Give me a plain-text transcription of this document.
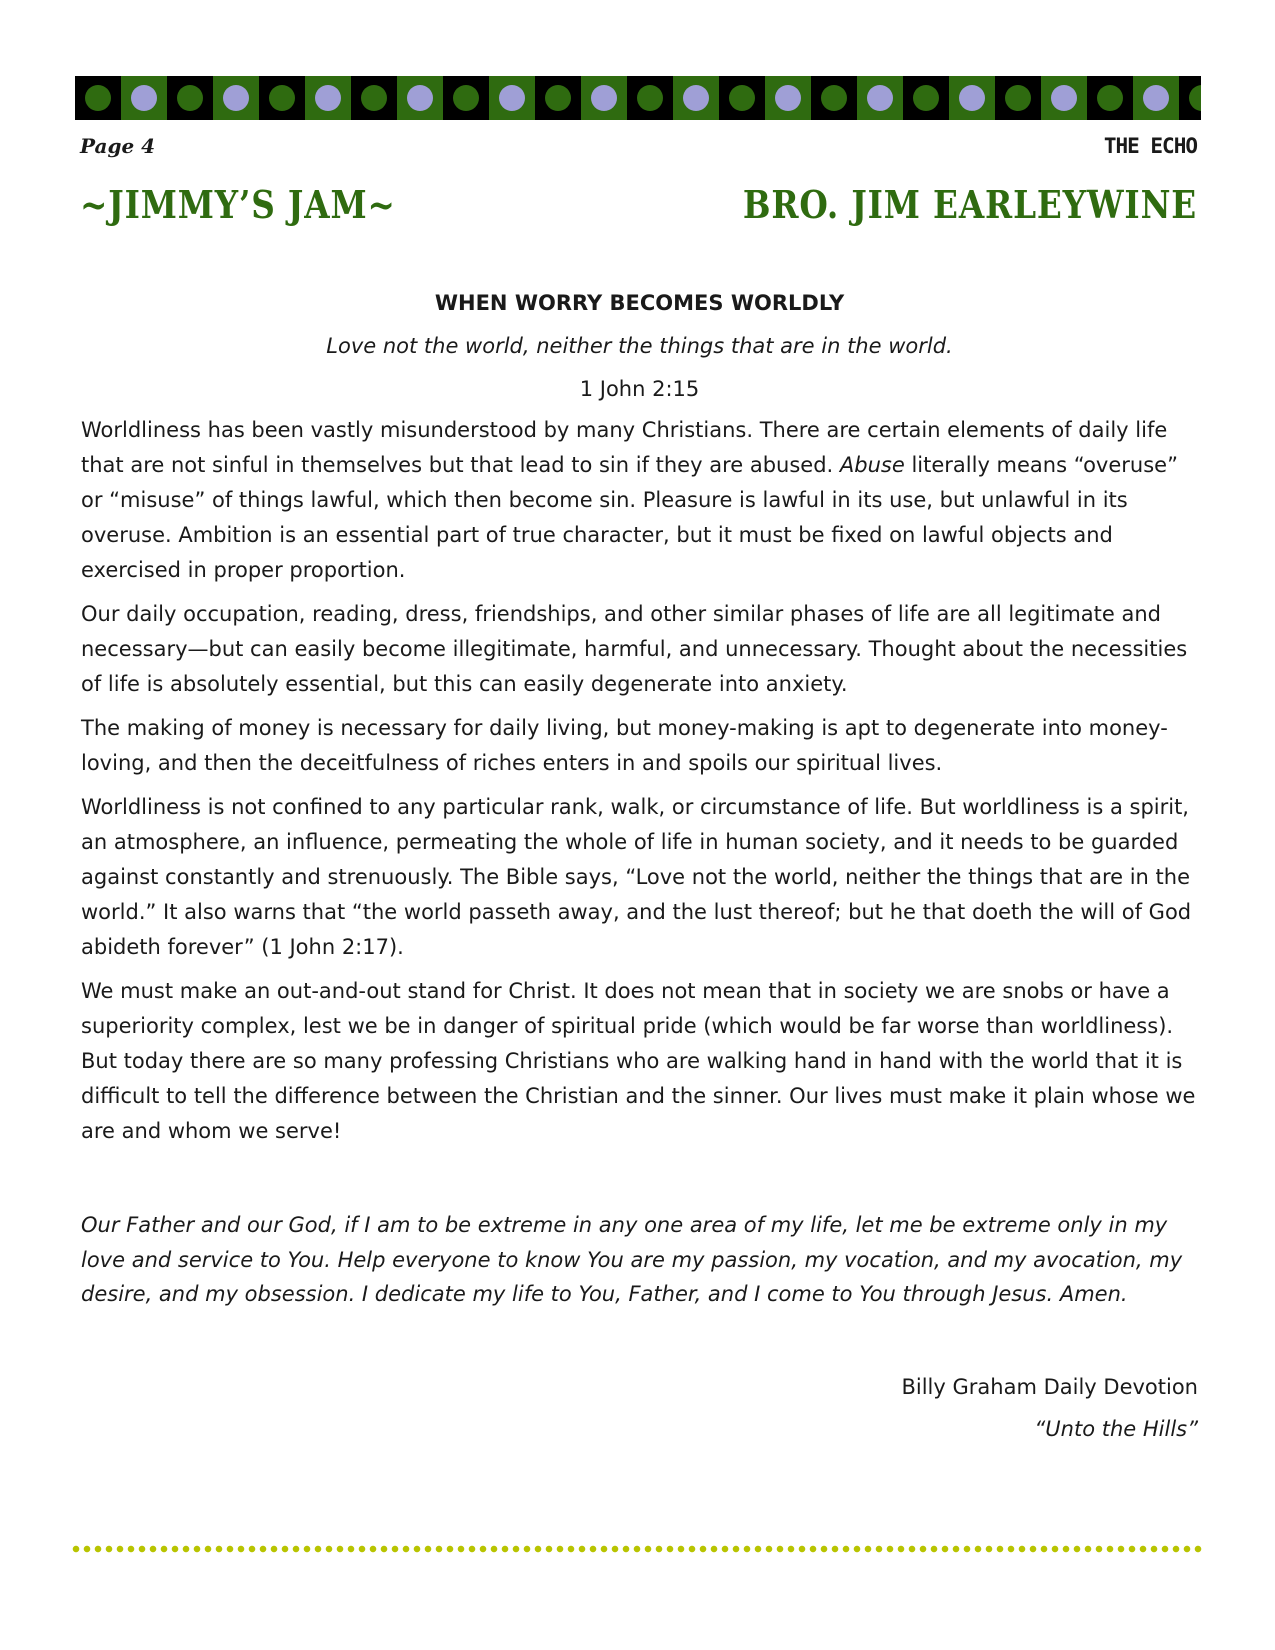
Page 4	THE ECHO
~JIMMY’S JAM~	BRO. JIM EARLEYWINE

WHEN WORRY BECOMES WORLDLY

Love not the world, neither the things that are in the world.

1 John 2:15

Worldliness has been vastly misunderstood by many Christians. There are certain elements of daily life that are not sinful in themselves but that lead to sin if they are abused. Abuse literally means “overuse” or “misuse” of things lawful, which then become sin. Pleasure is lawful in its use, but unlawful in its overuse. Ambition is an essential part of true character, but it must be fixed on lawful objects and exercised in proper proportion.

Our daily occupation, reading, dress, friendships, and other similar phases of life are all legitimate and necessary—but can easily become illegitimate, harmful, and unnecessary. Thought about the necessities of life is absolutely essential, but this can easily degenerate into anxiety.

The making of money is necessary for daily living, but money-making is apt to degenerate into money-loving, and then the deceitfulness of riches enters in and spoils our spiritual lives.

Worldliness is not confined to any particular rank, walk, or circumstance of life. But worldliness is a spirit, an atmosphere, an influence, permeating the whole of life in human society, and it needs to be guarded against constantly and strenuously. The Bible says, “Love not the world, neither the things that are in the world.” It also warns that “the world passeth away, and the lust thereof; but he that doeth the will of God abideth forever” (1 John 2:17).

We must make an out-and-out stand for Christ. It does not mean that in society we are snobs or have a superiority complex, lest we be in danger of spiritual pride (which would be far worse than worldliness). But today there are so many professing Christians who are walking hand in hand with the world that it is difficult to tell the difference between the Christian and the sinner. Our lives must make it plain whose we are and whom we serve!

Our Father and our God, if I am to be extreme in any one area of my life, let me be extreme only in my love and service to You. Help everyone to know You are my passion, my vocation, and my avocation, my desire, and my obsession. I dedicate my life to You, Father, and I come to You through Jesus. Amen.

Billy Graham Daily Devotion

“Unto the Hills”
